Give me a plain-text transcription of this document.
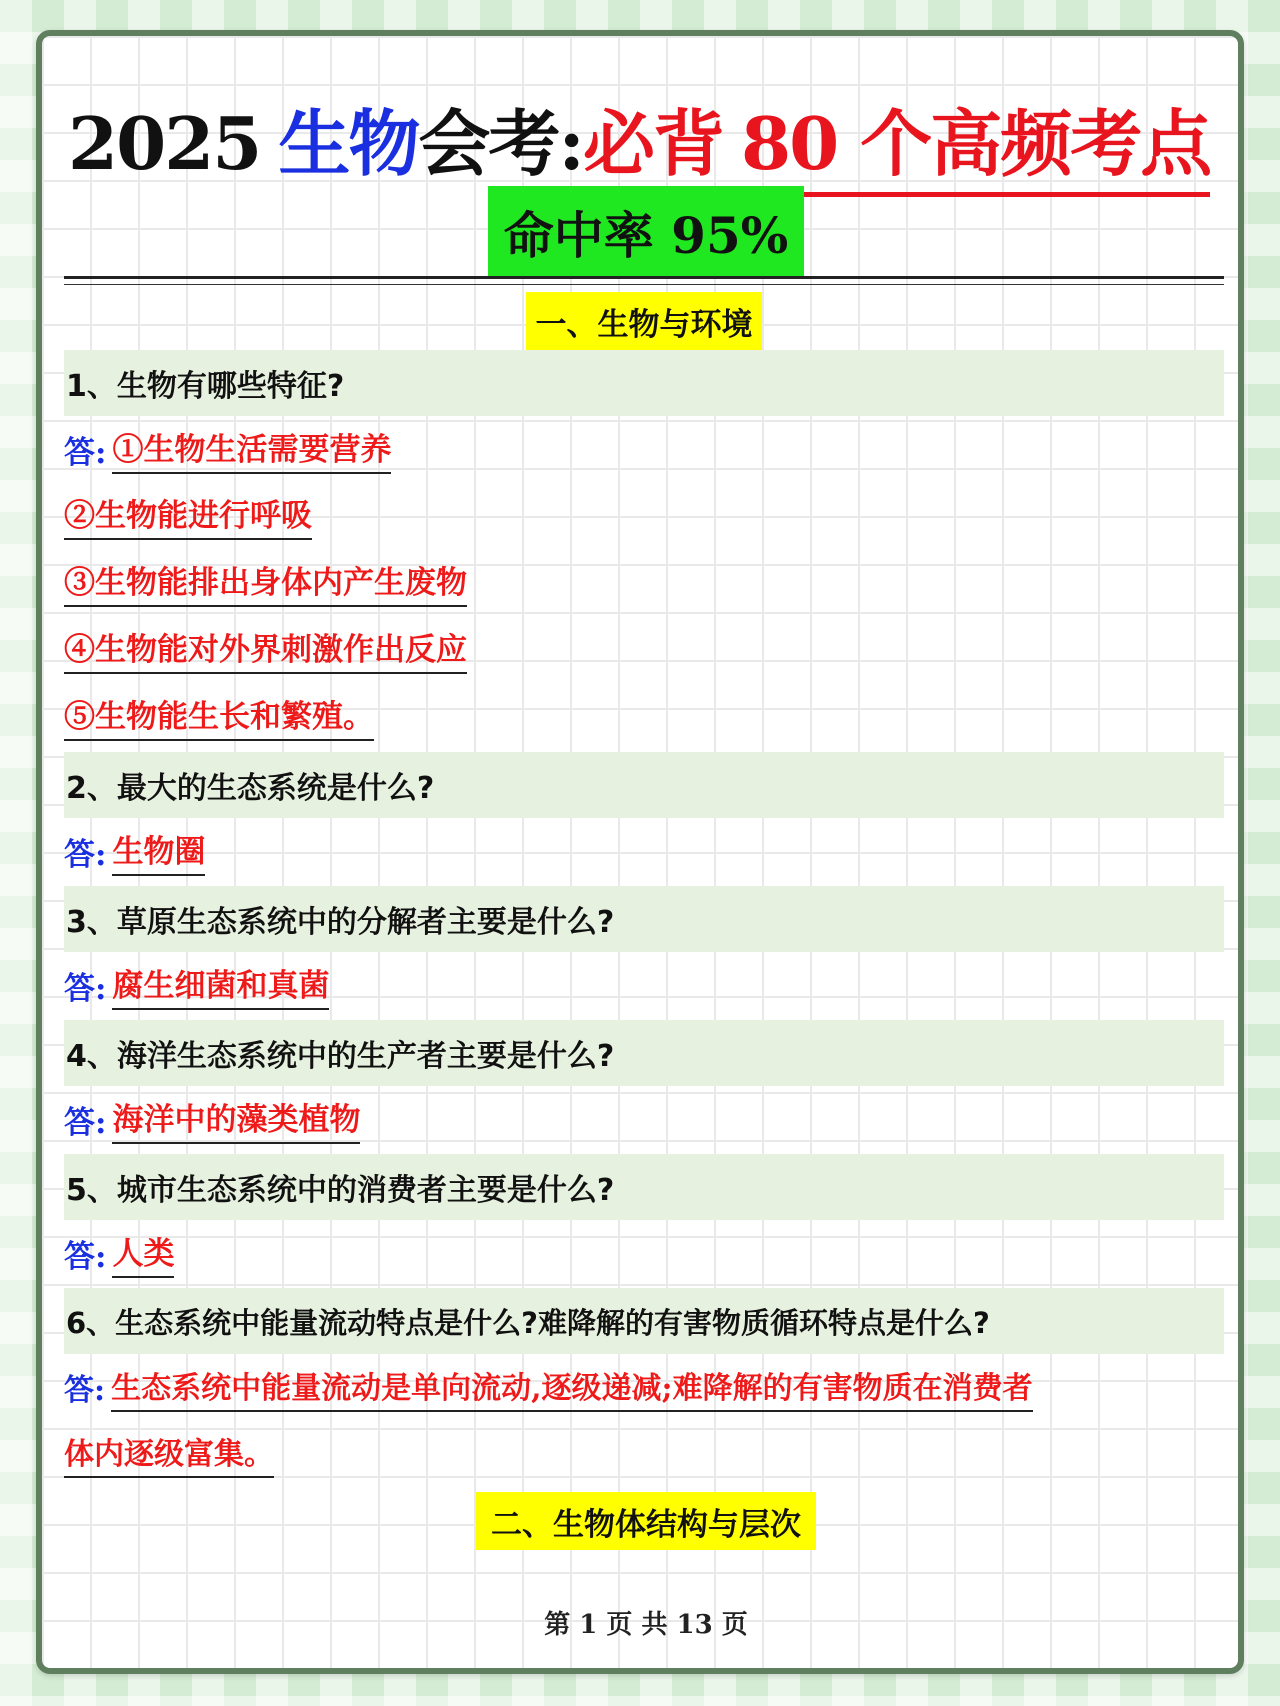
2025 生物 会考: 必背 80 个高频考点
命中率 95%
一、生物与环境
1、生物有哪些特征?
答: ①生物生活需要营养
②生物能进行呼吸
③生物能排出身体内产生废物
④生物能对外界刺激作出反应
⑤生物能生长和繁殖。
2、最大的生态系统是什么?
答: 生物圈
3、草原生态系统中的分解者主要是什么?
答: 腐生细菌和真菌
4、海洋生态系统中的生产者主要是什么?
答: 海洋中的藻类植物
5、城市生态系统中的消费者主要是什么?
答: 人类
6、生态系统中能量流动特点是什么?难降解的有害物质循环特点是什么?
答: 生态系统中能量流动是单向流动,逐级递减;难降解的有害物质在消费者
体内逐级富集。
二、生物体结构与层次
第 1 页 共 13 页
